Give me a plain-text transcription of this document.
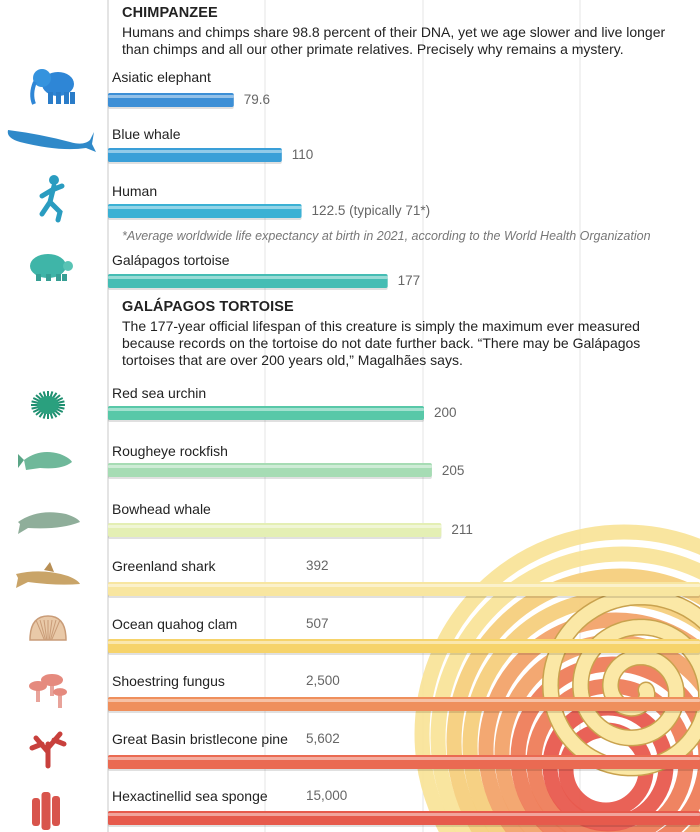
CHIMPANZEE

Humans and chimps share 98.8 percent of their DNA, yet we age slower and live longer than chimps and all our other primate relatives. Precisely why remains a mystery.

*Average worldwide life expectancy at birth in 2021, according to the World Health Organization
GALÁPAGOS TORTOISE

The 177-year official lifespan of this creature is simply the maximum ever measured because records on the tortoise do not date further back. “There may be Galápagos tortoises that are over 200 years old,” Magalhães says.

Asiatic elephant
79.6
Blue whale
110
Human
122.5 (typically 71*)
Galápagos tortoise
177
Red sea urchin
200
Rougheye rockfish
205
Bowhead whale
211
Greenland shark	392
Ocean quahog clam	507
Shoestring fungus	2,500
Great Basin bristlecone pine 5,602
Hexactinellid sea sponge	15,000
